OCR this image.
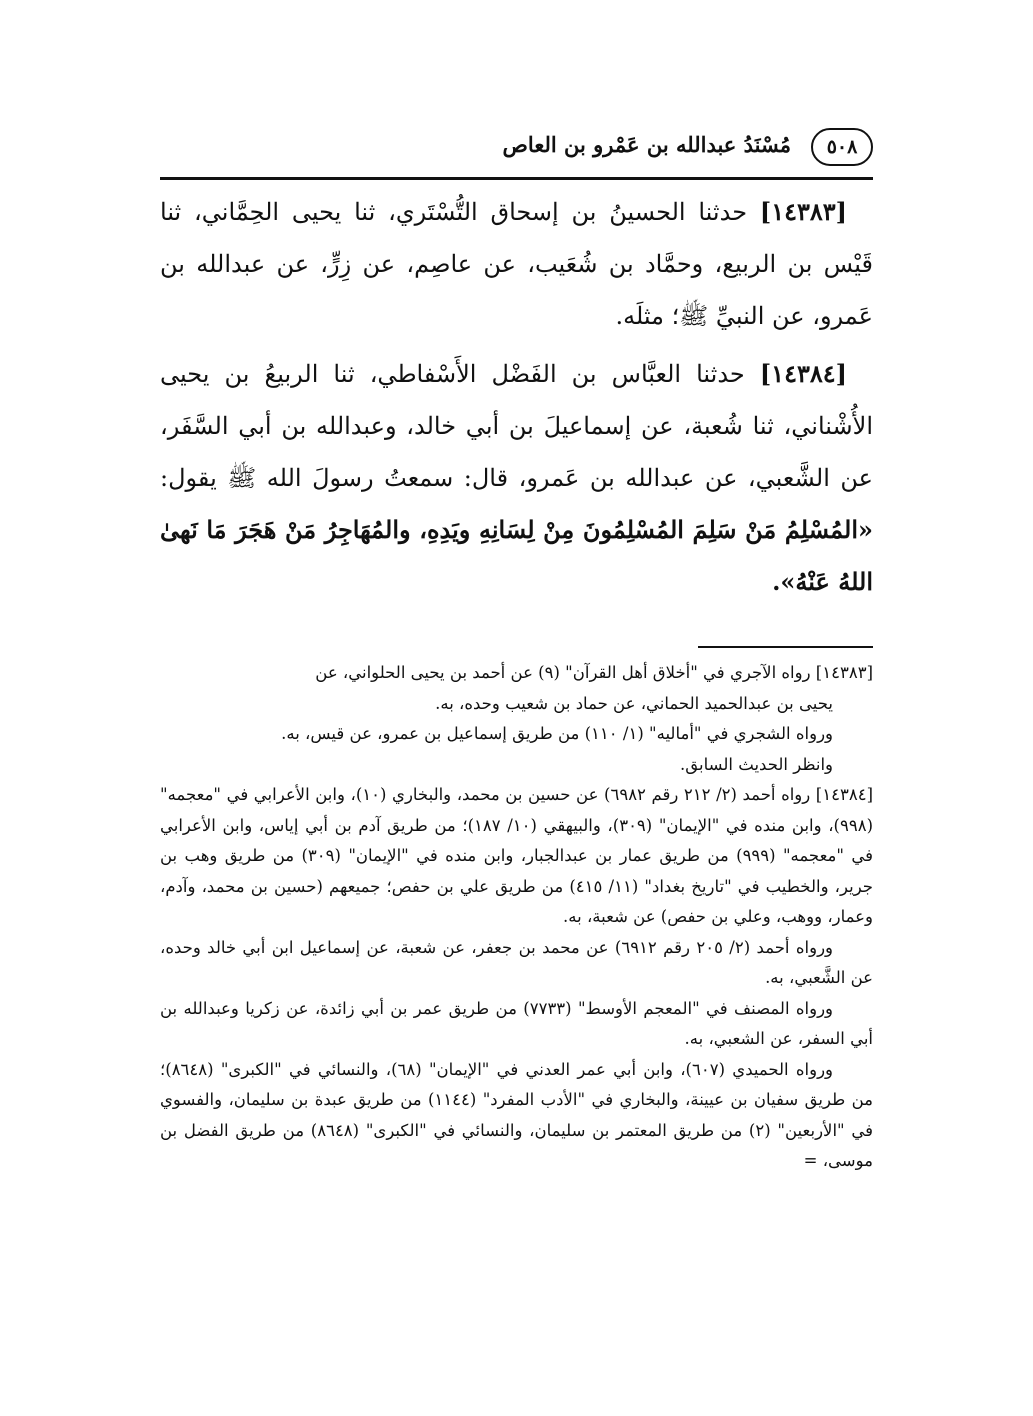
٥٠٨
مُسْنَدُ عبدالله بن عَمْرو بن العاص

[١٤٣٨٣] حدثنا الحسينُ بن إسحاق التُّسْتَري، ثنا يحيى الحِمَّاني، ثنا قَيْس بن الربيع، وحمَّاد بن شُعَيب، عن عاصِم، عن زِرٍّ، عن عبدالله بن عَمرو، عن النبيِّ ﷺ؛ مثلَه.

[١٤٣٨٤] حدثنا العبَّاس بن الفَضْل الأَسْفاطي، ثنا الربيعُ بن يحيى الأُشْناني، ثنا شُعبة، عن إسماعيلَ بن أبي خالد، وعبدالله بن أبي السَّفَر، عن الشَّعبي، عن عبدالله بن عَمرو، قال: سمعتُ رسولَ الله ﷺ يقول: «المُسْلِمُ مَنْ سَلِمَ المُسْلِمُونَ مِنْ لِسَانِهِ ويَدِهِ، والمُهَاجِرُ مَنْ هَجَرَ مَا نَهىٰ اللهُ عَنْهُ».

[١٤٣٨٣] رواه الآجري في "أخلاق أهل القرآن" (٩) عن أحمد بن يحيى الحلواني، عن

يحيى بن عبدالحميد الحماني، عن حماد بن شعيب وحده، به.

ورواه الشجري في "أماليه" (١/ ١١٠) من طريق إسماعيل بن عمرو، عن قيس، به.

وانظر الحديث السابق.

[١٤٣٨٤] رواه أحمد (٢/ ٢١٢ رقم ٦٩٨٢) عن حسين بن محمد، والبخاري (١٠)، وابن الأعرابي في "معجمه" (٩٩٨)، وابن منده في "الإيمان" (٣٠٩)، والبيهقي (١٠/ ١٨٧)؛ من طريق آدم بن أبي إياس، وابن الأعرابي في "معجمه" (٩٩٩) من طريق عمار بن عبدالجبار، وابن منده في "الإيمان" (٣٠٩) من طريق وهب بن جرير، والخطيب في "تاريخ بغداد" (١١/ ٤١٥) من طريق علي بن حفص؛ جميعهم (حسين بن محمد، وآدم، وعمار، ووهب، وعلي بن حفص) عن شعبة، به.

ورواه أحمد (٢/ ٢٠٥ رقم ٦٩١٢) عن محمد بن جعفر، عن شعبة، عن إسماعيل ابن أبي خالد وحده، عن الشَّعبي، به.

ورواه المصنف في "المعجم الأوسط" (٧٧٣٣) من طريق عمر بن أبي زائدة، عن زكريا وعبدالله بن أبي السفر، عن الشعبي، به.

ورواه الحميدي (٦٠٧)، وابن أبي عمر العدني في "الإيمان" (٦٨)، والنسائي في "الكبرى" (٨٦٤٨)؛ من طريق سفيان بن عيينة، والبخاري في "الأدب المفرد" (١١٤٤) من طريق عبدة بن سليمان، والفسوي في "الأربعين" (٢) من طريق المعتمر بن سليمان، والنسائي في "الكبرى" (٨٦٤٨) من طريق الفضل بن موسى، =
